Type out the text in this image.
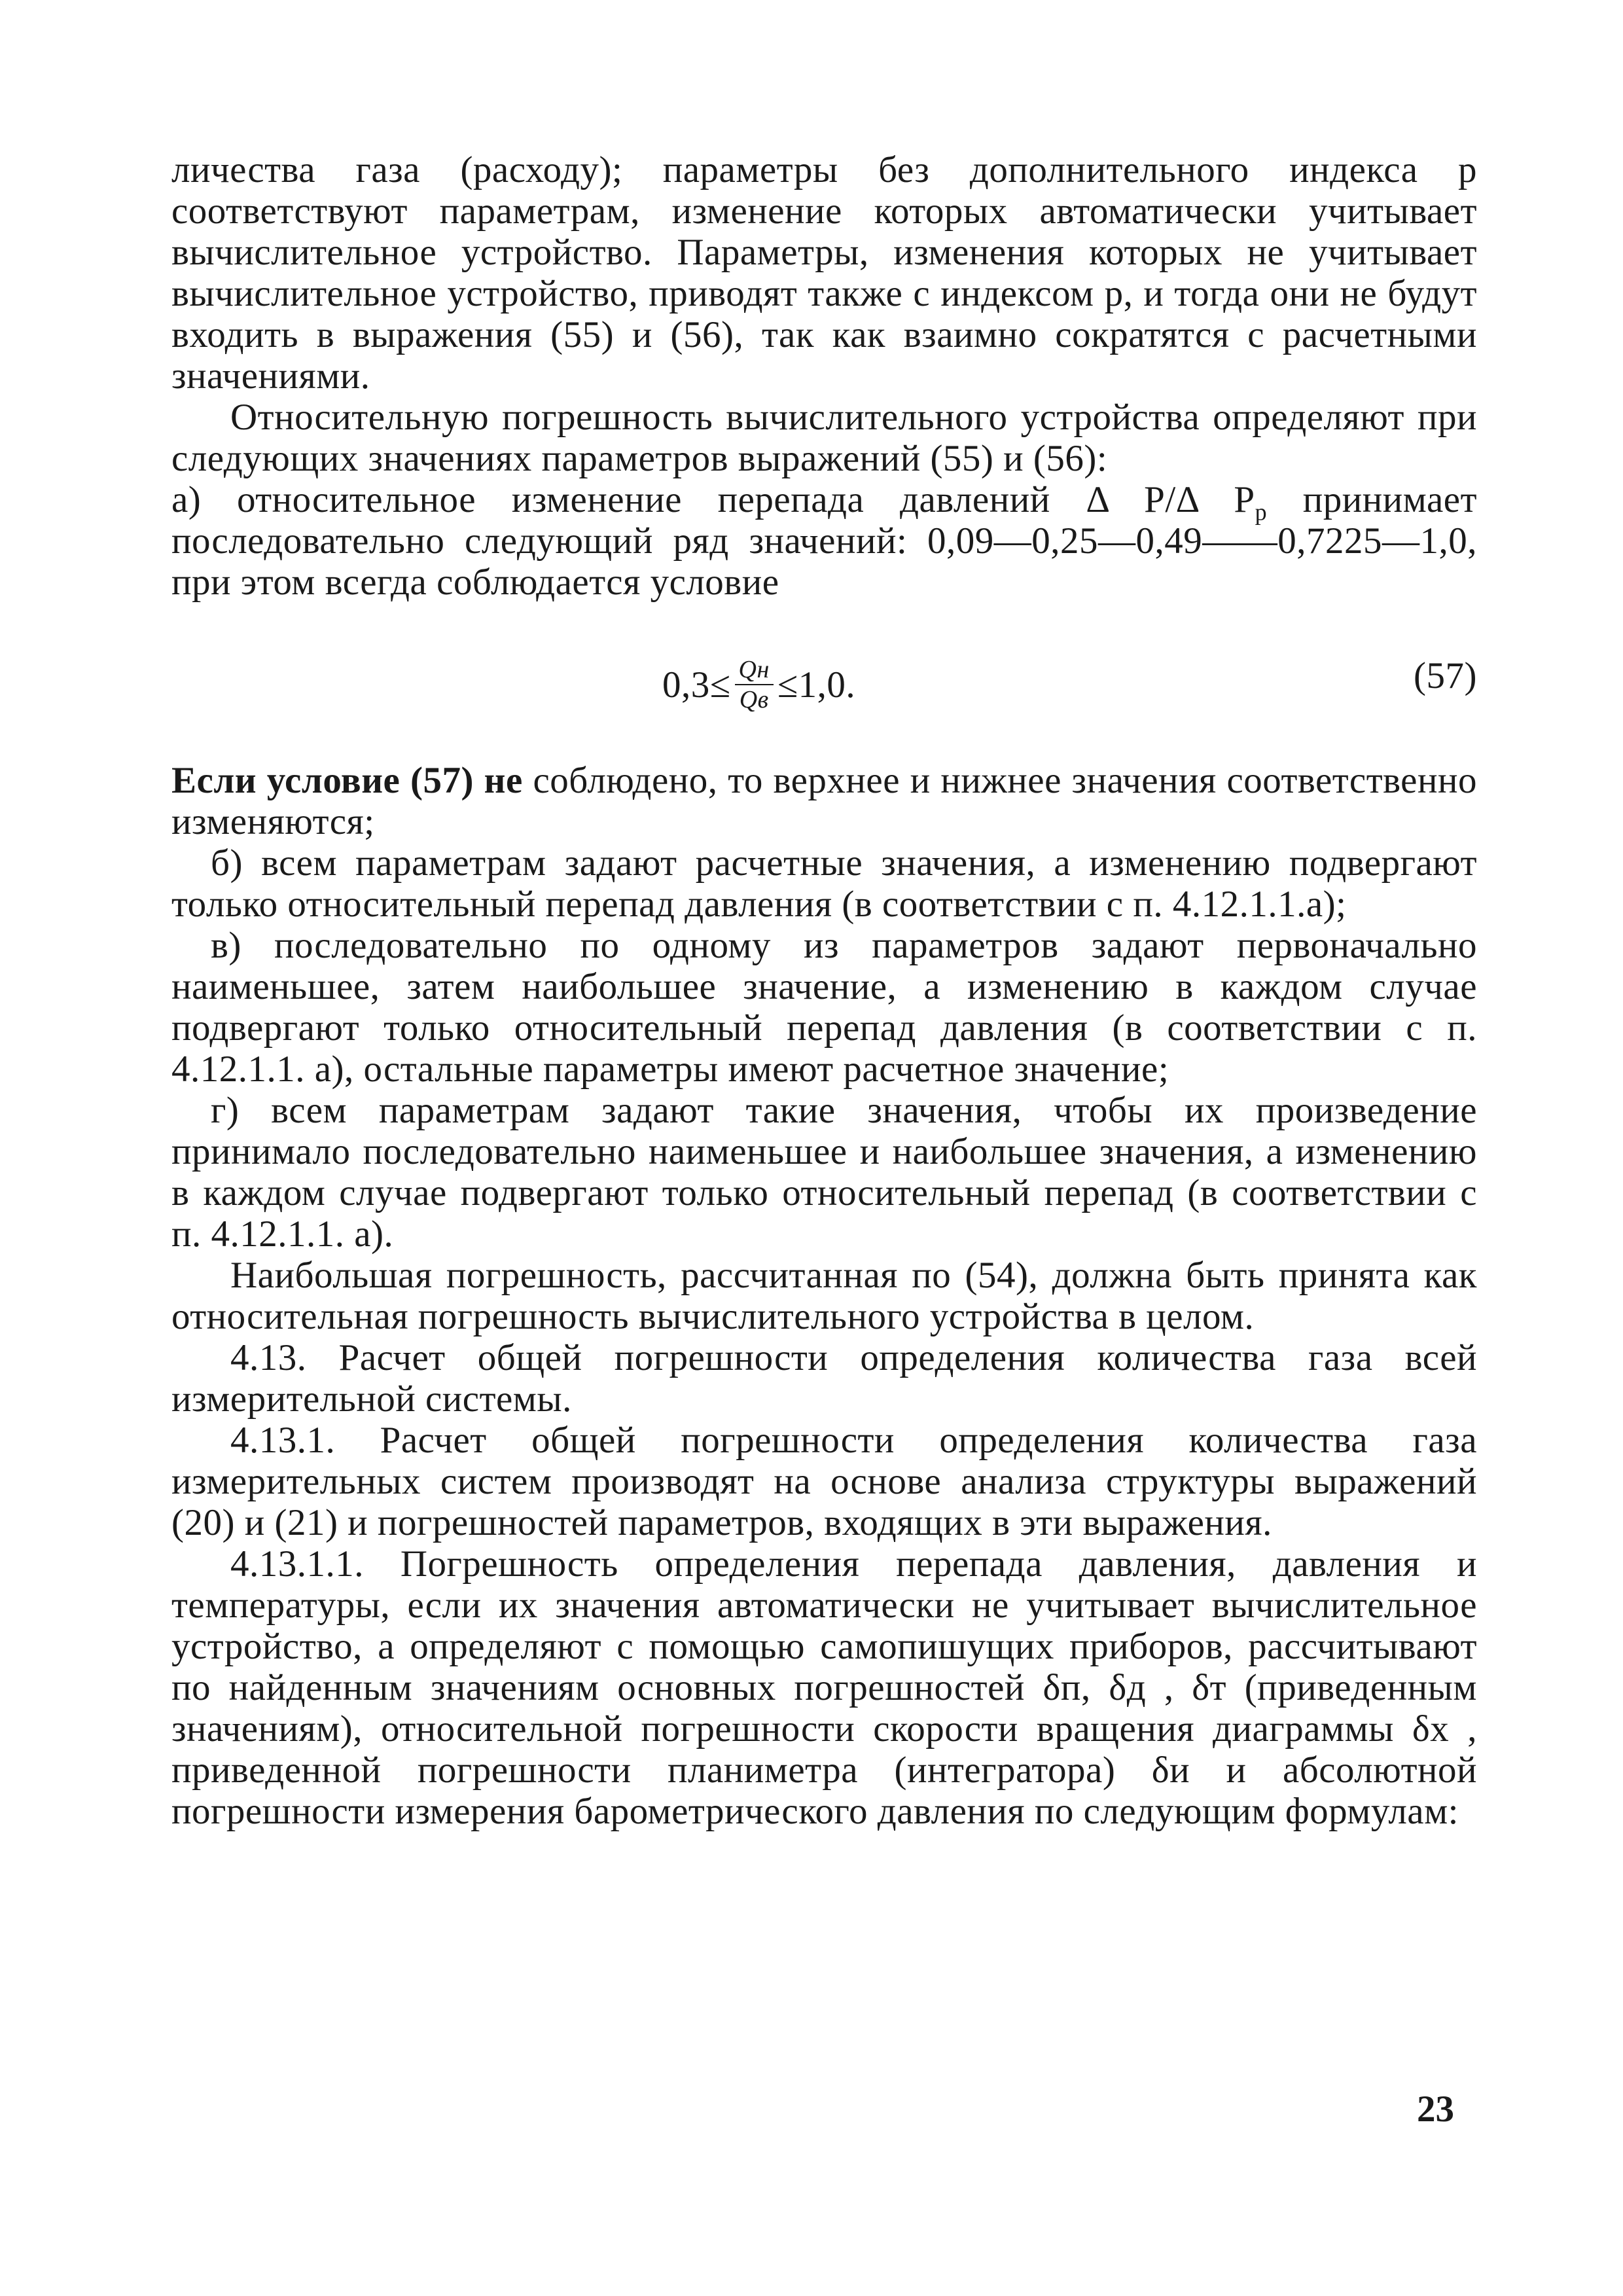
личества газа (расходу); параметры без дополнительного индекса р соответствуют параметрам, изменение которых автоматически учитывает вычислительное устройство. Параметры, изменения которых не учитывает вычислительное устройство, приводят также с индексом р, и тогда они не будут входить в выражения (55) и (56), так как взаимно сократятся с расчетными значениями.

Относительную погрешность вычислительного устройства определяют при следующих значениях параметров выражений (55) и (56):

а) относительное изменение перепада давлений Δ P/Δ $P_р$ принимает последовательно следующий ряд значений: 0,09—0,25—0,49——0,7225—1,0, при этом всегда соблюдается условие

$0,3\le \frac{Qн}{Qв} \le 1,0$.	(57)

Если условие (57) не соблюдено, то верхнее и нижнее значения соответственно изменяются;

б) всем параметрам задают расчетные значения, а изменению подвергают только относительный перепад давления (в соответствии с п. 4.12.1.1.а);

в) последовательно по одному из параметров задают первоначально наименьшее, затем наибольшее значение, а изменению в каждом случае подвергают только относительный перепад давления (в соответствии с п. 4.12.1.1. а), остальные параметры имеют расчетное значение;

г) всем параметрам задают такие значения, чтобы их произведение принимало последовательно наименьшее и наибольшее значения, а изменению в каждом случае подвергают только относительный перепад (в соответствии с п. 4.12.1.1. а).

Наибольшая погрешность, рассчитанная по (54), должна быть принята как относительная погрешность вычислительного устройства в целом.

4.13. Расчет общей погрешности определения количества газа всей измерительной системы.

4.13.1. Расчет общей погрешности определения количества газа измерительных систем производят на основе анализа структуры выражений (20) и (21) и погрешностей параметров, входящих в эти выражения.

4.13.1.1. Погрешность определения перепада давления, давления и температуры, если их значения автоматически не учитывает вычислительное устройство, а определяют с помощью самопишущих приборов, рассчитывают по найденным значениям основных погрешностей δп, δд , δт (приведенным значениям), относительной погрешности скорости вращения диаграммы δx , приведенной погрешности планиметра (интегратора) δи и абсолютной погрешности измерения барометрического давления по следующим формулам:

23
